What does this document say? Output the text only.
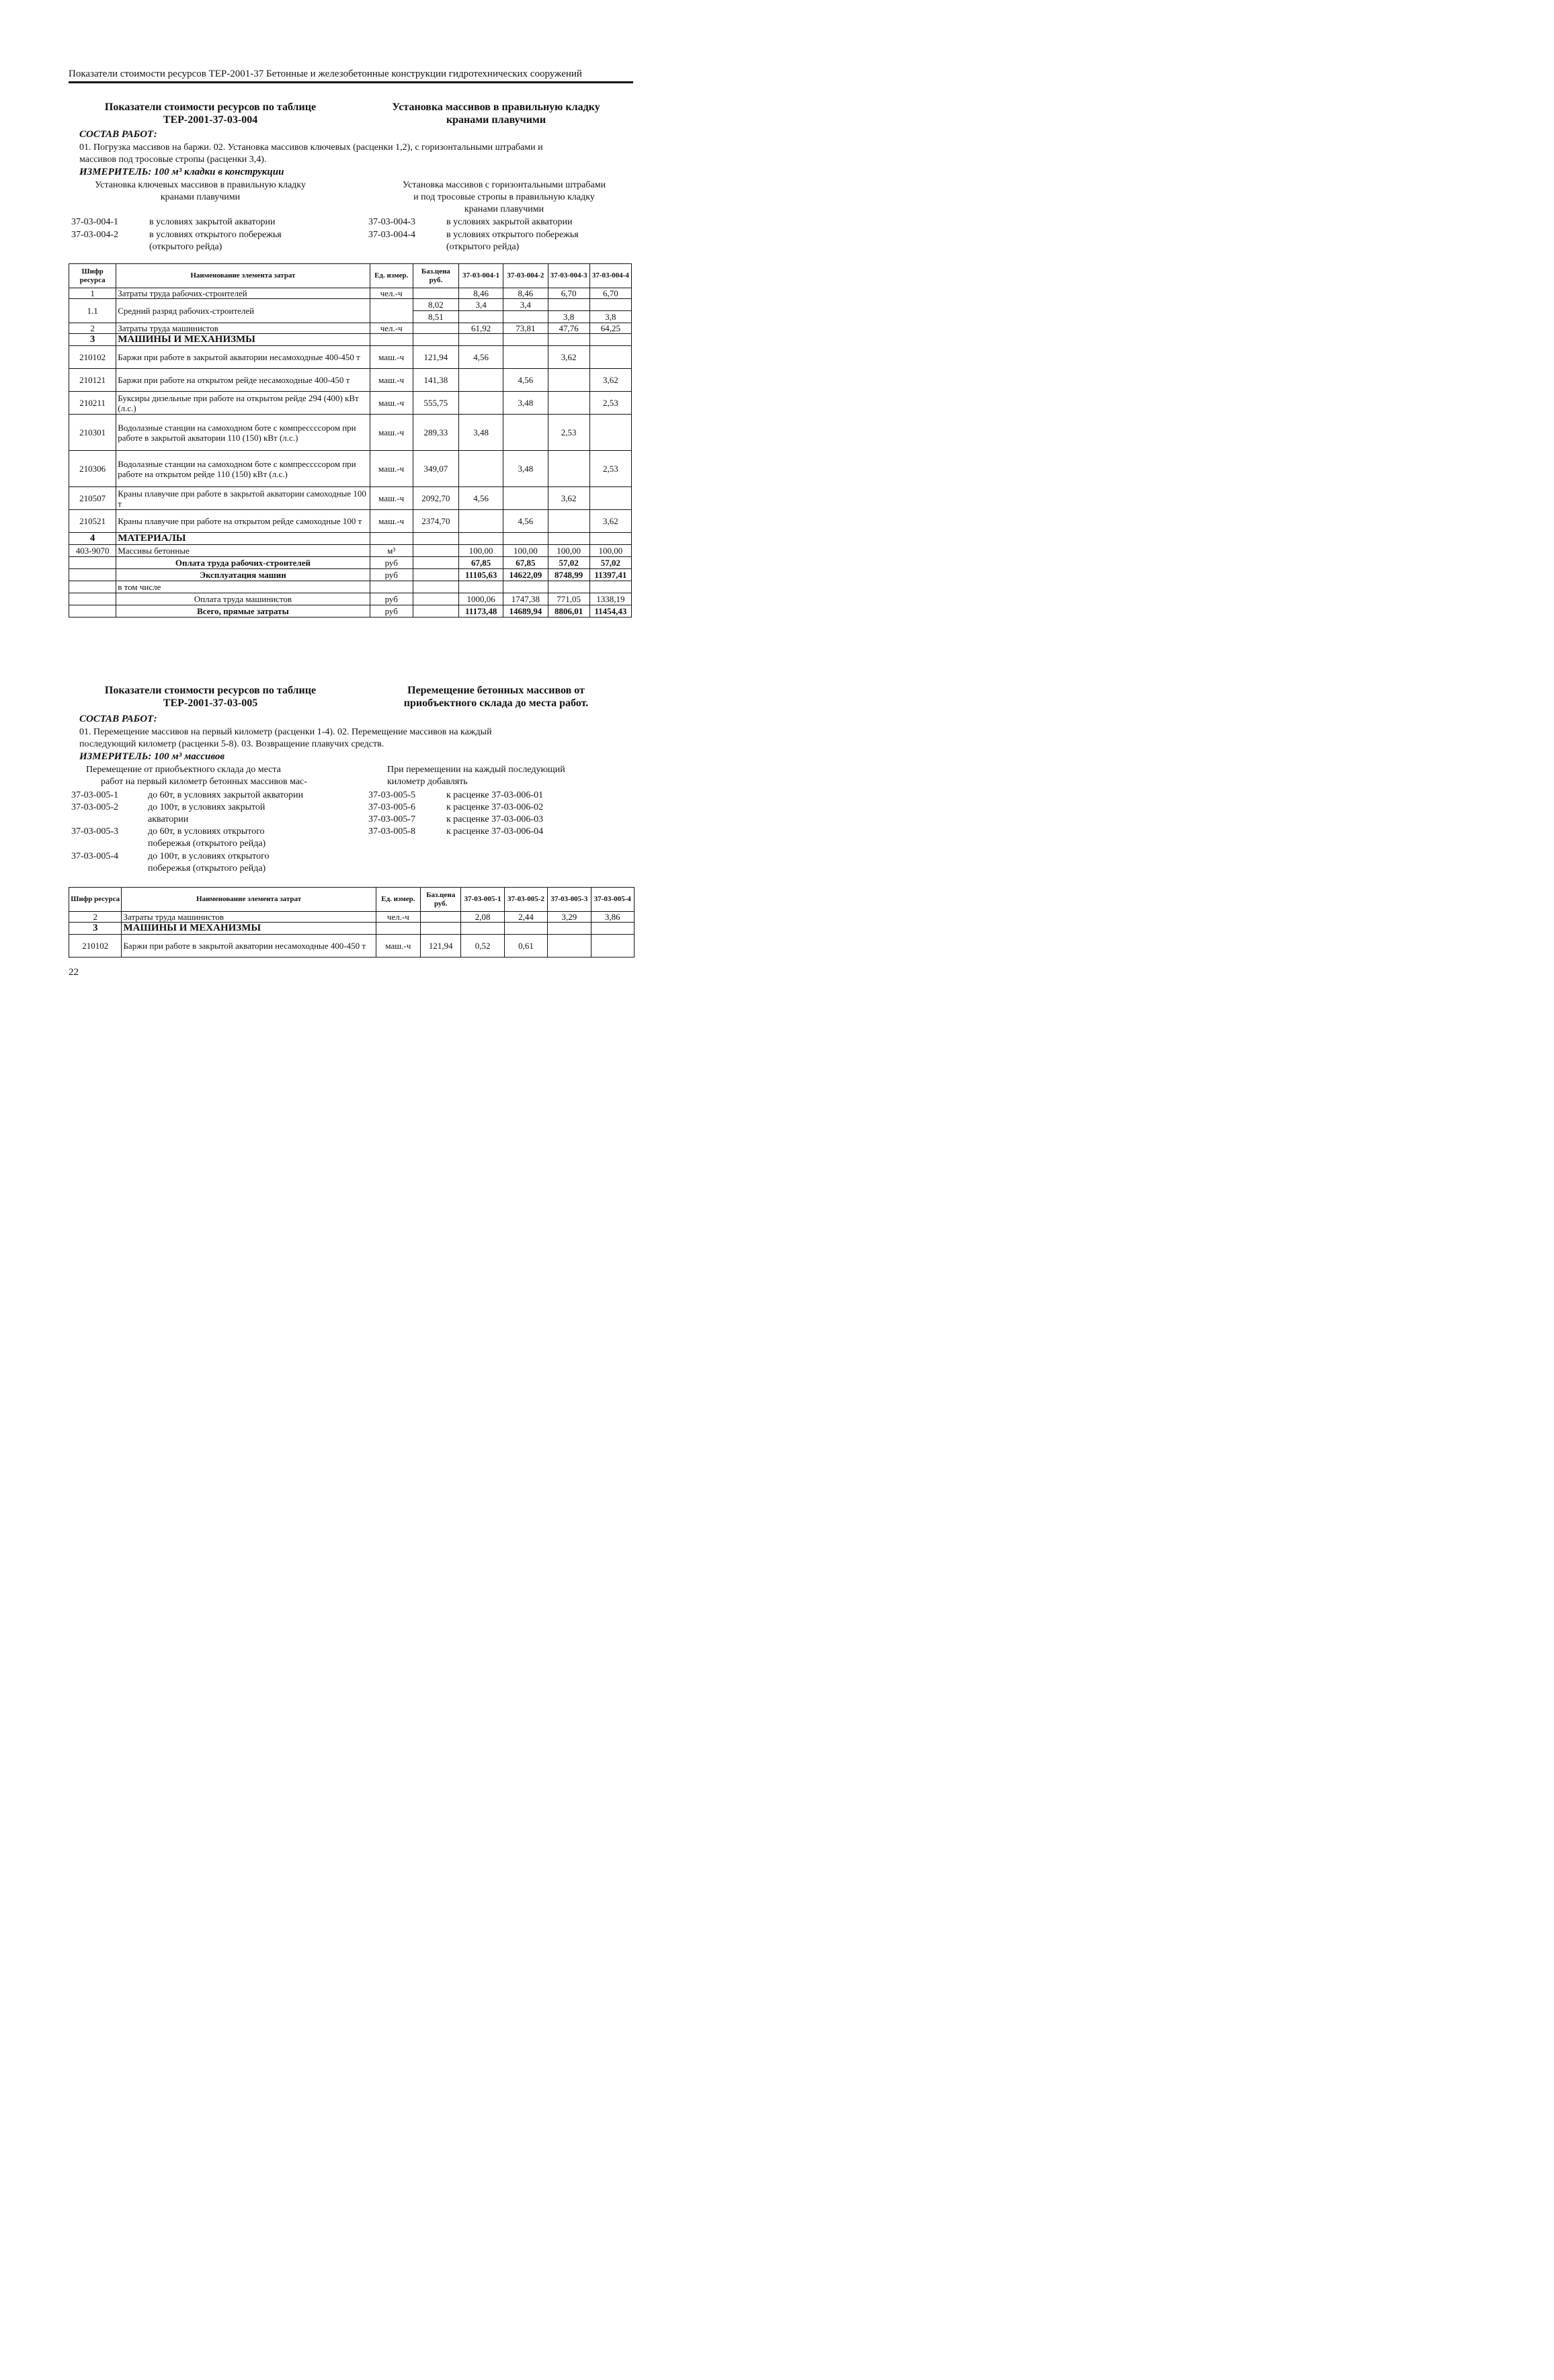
Показатели стоимости ресурсов ТЕР-2001-37 Бетонные и железобетонные конструкции гидротехнических сооружений
Показатели стоимости ресурсов по таблице
ТЕР-2001-37-03-004
Установка массивов в правильную кладку
кранами плавучими
СОСТАВ РАБОТ:
01. Погрузка массивов на баржи. 02. Установка массивов ключевых (расценки 1,2), с горизонтальными штрабами и
массивов под тросовые стропы (расценки 3,4).
ИЗМЕРИТЕЛЬ: 100 м³ кладки в конструкции
Установка ключевых массивов в правильную кладку
кранами плавучими
Установка массивов с горизонтальными штрабами
и под тросовые стропы в правильную кладку
кранами плавучими
37-03-004-1	в условиях закрытой акватории
37-03-004-2	в условиях открытого побережья
(открытого рейда)
37-03-004-3	в условиях закрытой акватории
37-03-004-4	в условиях открытого побережья
(открытого рейда)
Шифр ресурса	Наименование элемента затрат	Ед. измер.	Баз.цена руб.	37-03-004-1	37-03-004-2	37-03-004-3	37-03-004-4
1	Затраты труда рабочих-строителей	чел.-ч		8,46	8,46	6,70	6,70
1.1	Средний разряд рабочих-строителей		8,02	3,4	3,4		
			8,51			3,8	3,8
2	Затраты труда машинистов	чел.-ч		61,92	73,81	47,76	64,25
3	МАШИНЫ И МЕХАНИЗМЫ						
210102	Баржи при работе в закрытой акватории несамоходные 400-450 т	маш.-ч	121,94	4,56		3,62	
210121	Баржи при работе на открытом рейде несамоходные 400-450 т	маш.-ч	141,38		4,56		3,62
210211	Буксиры дизельные при работе на открытом рейде 294 (400) кВт (л.с.)	маш.-ч	555,75		3,48		2,53
210301	Водолазные станции на самоходном боте с компрессссором при работе в закрытой акватории 110 (150) кВт (л.с.)	маш.-ч	289,33	3,48		2,53	
210306	Водолазные станции на самоходном боте с компрессссором при работе на открытом рейде 110 (150) кВт (л.с.)	маш.-ч	349,07		3,48		2,53
210507	Краны плавучие при работе в закрытой акватории самоходные 100 т	маш.-ч	2092,70	4,56		3,62	
210521	Краны плавучие при работе на открытом рейде самоходные 100 т	маш.-ч	2374,70		4,56		3,62
4	МАТЕРИАЛЫ						
403-9070	Массивы бетонные	м³		100,00	100,00	100,00	100,00
	Оплата труда рабочих-строителей	руб		67,85	67,85	57,02	57,02
	Эксплуатация машин	руб		11105,63	14622,09	8748,99	11397,41
	в том числе						
	Оплата труда машинистов	руб		1000,06	1747,38	771,05	1338,19
	Всего, прямые затраты	руб		11173,48	14689,94	8806,01	11454,43
Показатели стоимости ресурсов по таблице
ТЕР-2001-37-03-005
Перемещение бетонных массивов от
приобъектного склада до места работ.
СОСТАВ РАБОТ:
01. Перемещение массивов на первый километр (расценки 1-4). 02. Перемещение массивов на каждый
последующий километр (расценки 5-8). 03. Возвращение плавучих средств.
ИЗМЕРИТЕЛЬ: 100 м³ массивов
Перемещение от приобъектного склада до места
работ на первый километр бетонных массивов мас-
При перемещении на каждый последующий
километр добавлять
37-03-005-1	до 60т, в условиях закрытой акватории
37-03-005-2	до 100т, в условиях закрытой
акватории
37-03-005-3	до 60т, в условиях открытого
побережья (открытого рейда)
37-03-005-4	до 100т, в условиях открытого
побережья (открытого рейда)
37-03-005-5	к расценке 37-03-006-01
37-03-005-6	к расценке 37-03-006-02
37-03-005-7	к расценке 37-03-006-03
37-03-005-8	к расценке 37-03-006-04
Шифр ресурса	Наименование элемента затрат	Ед. измер.	Баз.цена руб.	37-03-005-1	37-03-005-2	37-03-005-3	37-03-005-4
2	Затраты труда машинистов	чел.-ч		2,08	2,44	3,29	3,86
3	МАШИНЫ И МЕХАНИЗМЫ						
210102	Баржи при работе в закрытой акватории несамоходные 400-450 т	маш.-ч	121,94	0,52	0,61		
22
